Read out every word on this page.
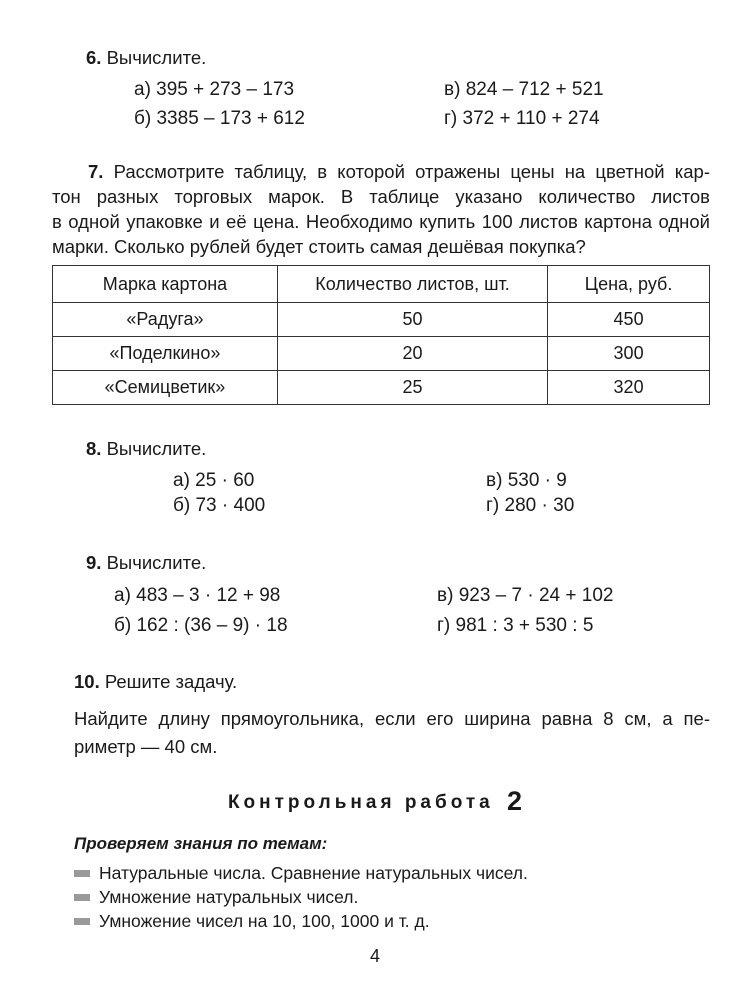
6. Вычислите.
а) 395 + 273 – 173	в) 824 – 712 + 521
б) 3385 – 173 + 612	г) 372 + 110 + 274
7. Рассмотрите таблицу, в которой отражены цены на цветной кар-
тон разных торговых марок. В таблице указано количество листов
в одной упаковке и её цена. Необходимо купить 100 листов картона одной
марки. Сколько рублей будет стоить самая дешёвая покупка?
Марка картона	Количество листов, шт.	Цена, руб.
«Радуга»	50	450
«Поделкино»	20	300
«Семицветик»	25	320
8. Вычислите.
а) 25 · 60	в) 530 · 9
б) 73 · 400	г) 280 · 30
9. Вычислите.
а) 483 – 3 · 12 + 98	в) 923 – 7 · 24 + 102
б) 162 : (36 – 9) · 18	г) 981 : 3 + 530 : 5
10. Решите задачу.
Найдите длину прямоугольника, если его ширина равна 8 см, а пе-
риметр — 40 см.
Контрольная работа 2
Проверяем знания по темам:
Натуральные числа. Сравнение натуральных чисел.
Умножение натуральных чисел.
Умножение чисел на 10, 100, 1000 и т. д.
4
